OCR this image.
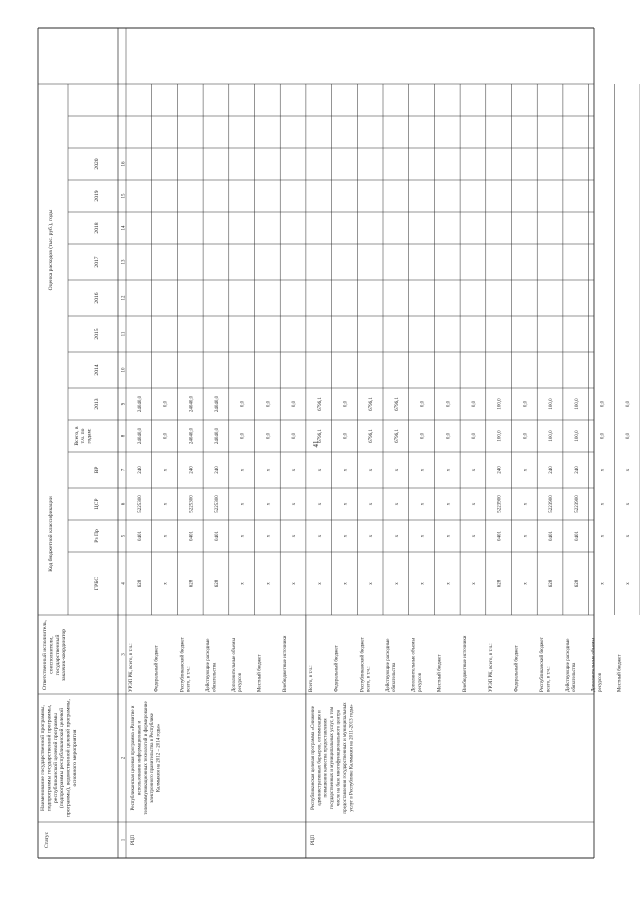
41
Статус
Наименование государственной программы, подпрограммы государственной программы, республиканской целевой программы (подпрограммы республиканской целевой программы), ведомственной целевой программы, основного мероприятия
Ответственный исполнитель, соисполнители, государственный заказчик-координатор
Код бюджетной классификации
Оценка расходов (тыс. руб.), годы
ГРБС
Рз Пр
ЦСР
ВР
Всего, в т.ч. по годам:
2013
2014
2015
2016
2017
2018
2019
2020
1
2
3
4
5
6
7
8
9
10
11
12
13
14
15
16
УРЭП РК, всего, в т.ч.:
628
0401
5225300
240
24040,0
24040,0
Федеральный бюджет
х
х
х
х
0,0
0,0
Республиканский бюджет всего, в т.ч.:
628
0401
5225300
240
24040,0
24040,0
Действующие расходные обязательства
628
0401
5225300
240
24040,0
24040,0
Дополнительные объемы ресурсов
х
х
х
х
0,0
0,0
Местный бюджет
х
х
х
х
0,0
0,0
Внебюджетные источники
х
х
х
х
0,0
0,0
РЦП
Республиканская целевая программа «Развитие и использование информационных и телекоммуникационных технологий и формирование электронного правительства в Республике Калмыкия на 2012 – 2014 годы»
Всего, в т.ч.:
х
х
х
х
6796,1
6796,1
Федеральный бюджет
х
х
х
х
0,0
0,0
Республиканский бюджет всего, в т.ч.:
х
х
х
х
6796,1
6796,1
Действующие расходные обязательства
х
х
х
х
6796,1
6796,1
Дополнительные объемы ресурсов
х
х
х
х
0,0
0,0
Местный бюджет
х
х
х
х
0,0
0,0
Внебюджетные источники
х
х
х
х
0,0
0,0
УРЭП РК, всего, в т.ч.:
628
0401
5223900
240
100,0
100,0
Федеральный бюджет
х
х
х
х
0,0
0,0
Республиканский бюджет всего, в т.ч.:
628
0401
5223900
240
100,0
100,0
Действующие расходные обязательства
628
0401
5223900
240
100,0
100,0
Дополнительные объемы ресурсов
х
х
х
х
0,0
0,0
Местный бюджет
х
х
х
х
0,0
0,0
РЦП
Республиканская целевая программа «Снижение административных барьеров, оптимизация и повышение качества предоставления государственных и муниципальных услуг, в том числе на базе многофункционального центра предоставления государственных и муниципальных услуг в Республике Калмыкия на 2011-2013 годы»
